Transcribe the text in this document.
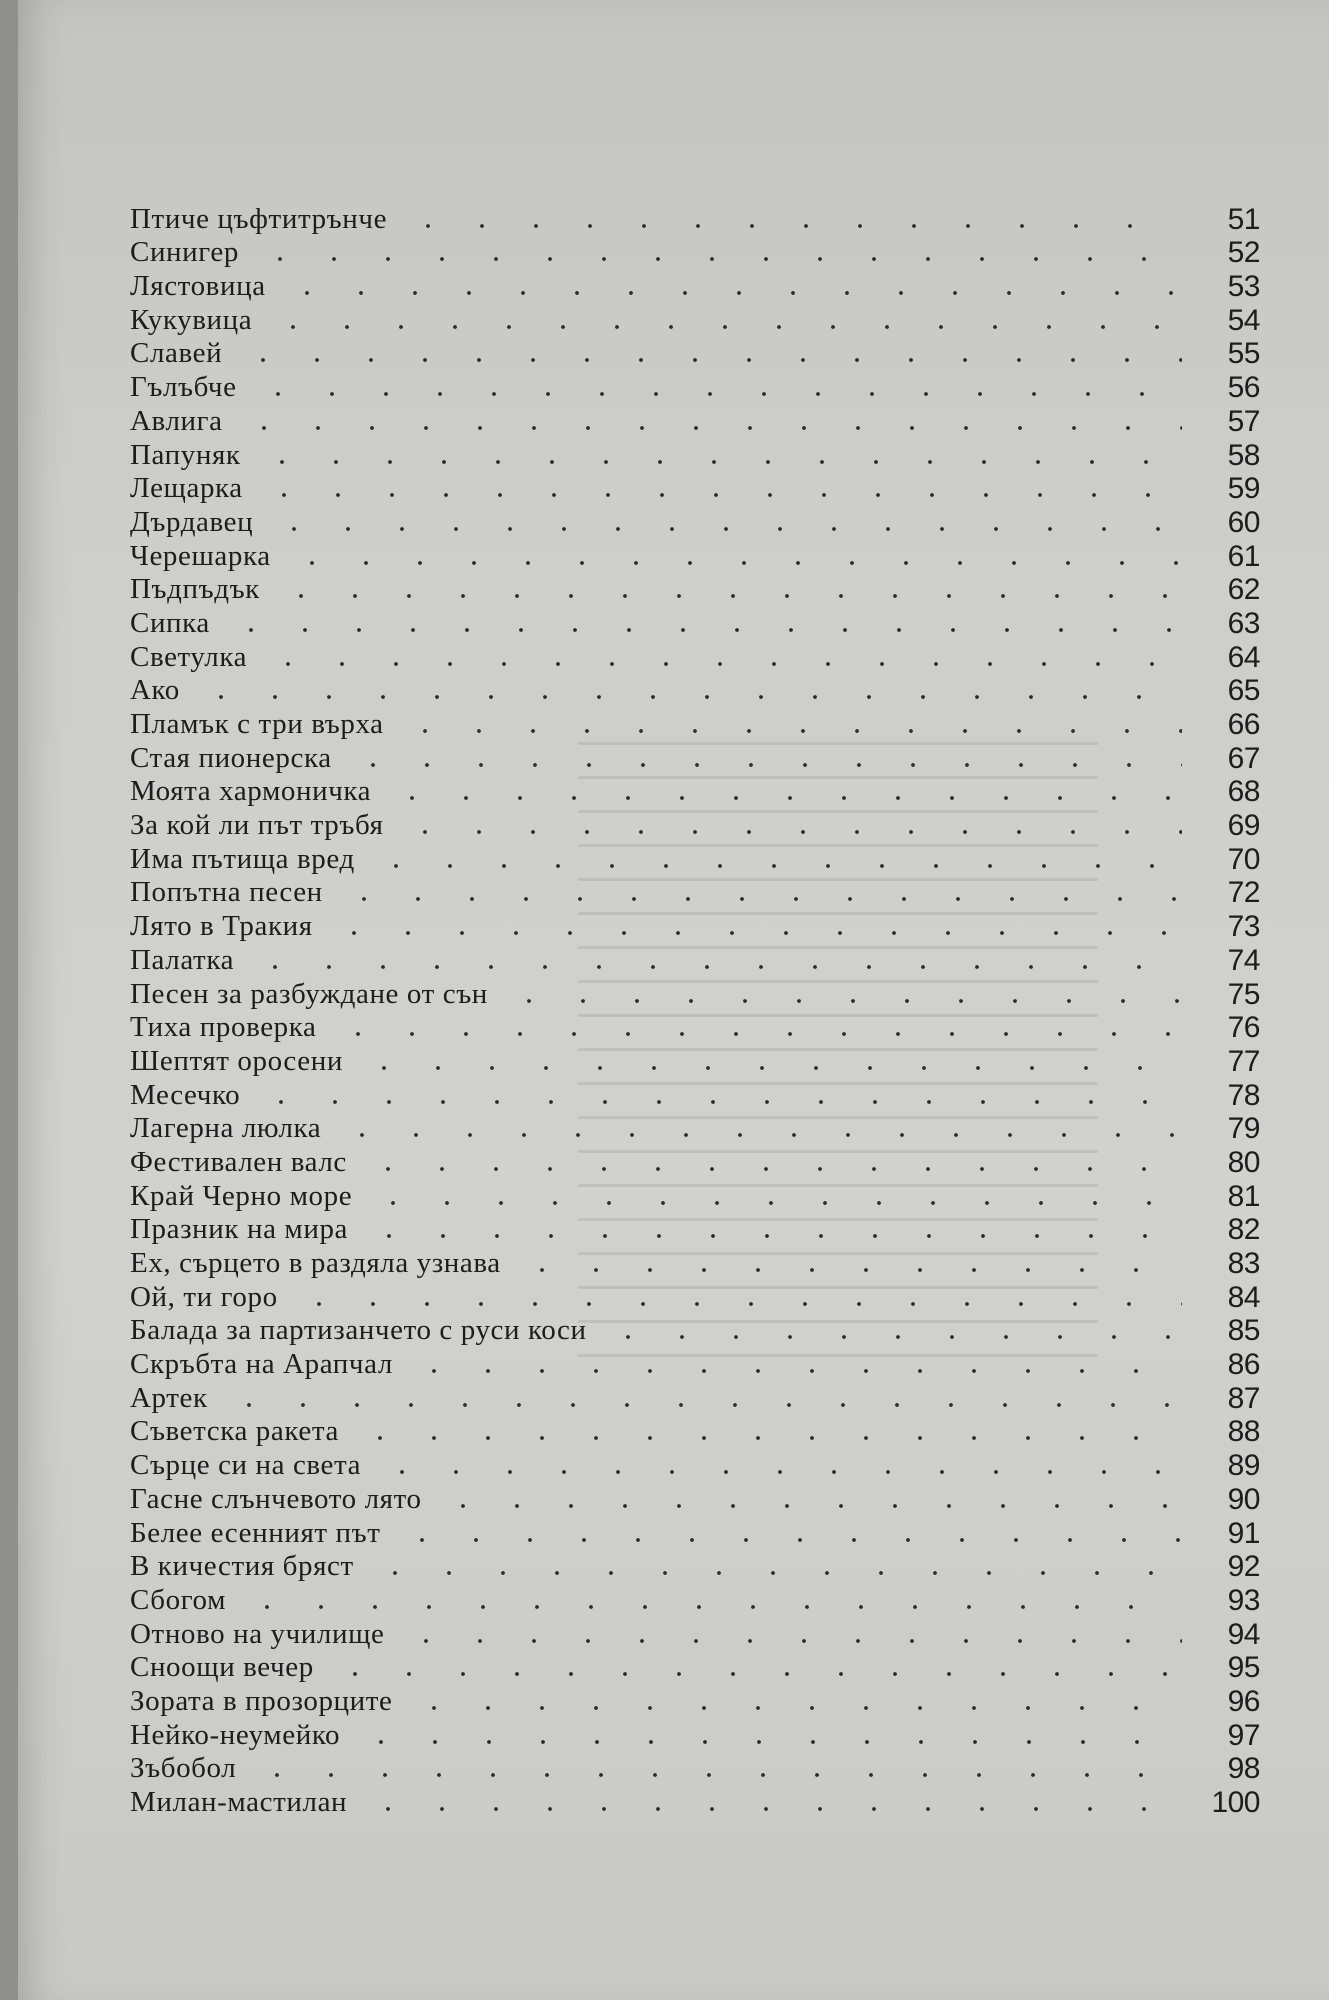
Птиче цъфтитрънче	51
Синигер	52
Лястовица	53
Кукувица	54
Славей	55
Гълъбче	56
Авлига	57
Папуняк	58
Лещарка	59
Дърдавец	60
Черешарка	61
Пъдпъдък	62
Сипка	63
Светулка	64
Ако	65
Пламък с три върха	66
Стая пионерска	67
Моята хармоничка	68
За кой ли път тръбя	69
Има пътища вред	70
Попътна песен	72
Лято в Тракия	73
Палатка	74
Песен за разбуждане от сън	75
Тиха проверка	76
Шептят оросени	77
Месечко	78
Лагерна люлка	79
Фестивален валс	80
Край Черно море	81
Празник на мира	82
Ех, сърцето в раздяла узнава	83
Ой, ти горо	84
Балада за партизанчето с руси коси	85
Скръбта на Арапчал	86
Артек	87
Съветска ракета	88
Сърце си на света	89
Гасне слънчевото лято	90
Белее есенният път	91
В кичестия бряст	92
Сбогом	93
Отново на училище	94
Сноощи вечер	95
Зората в прозорците	96
Нейко-неумейко	97
Зъбобол	98
Милан-мастилан	100
